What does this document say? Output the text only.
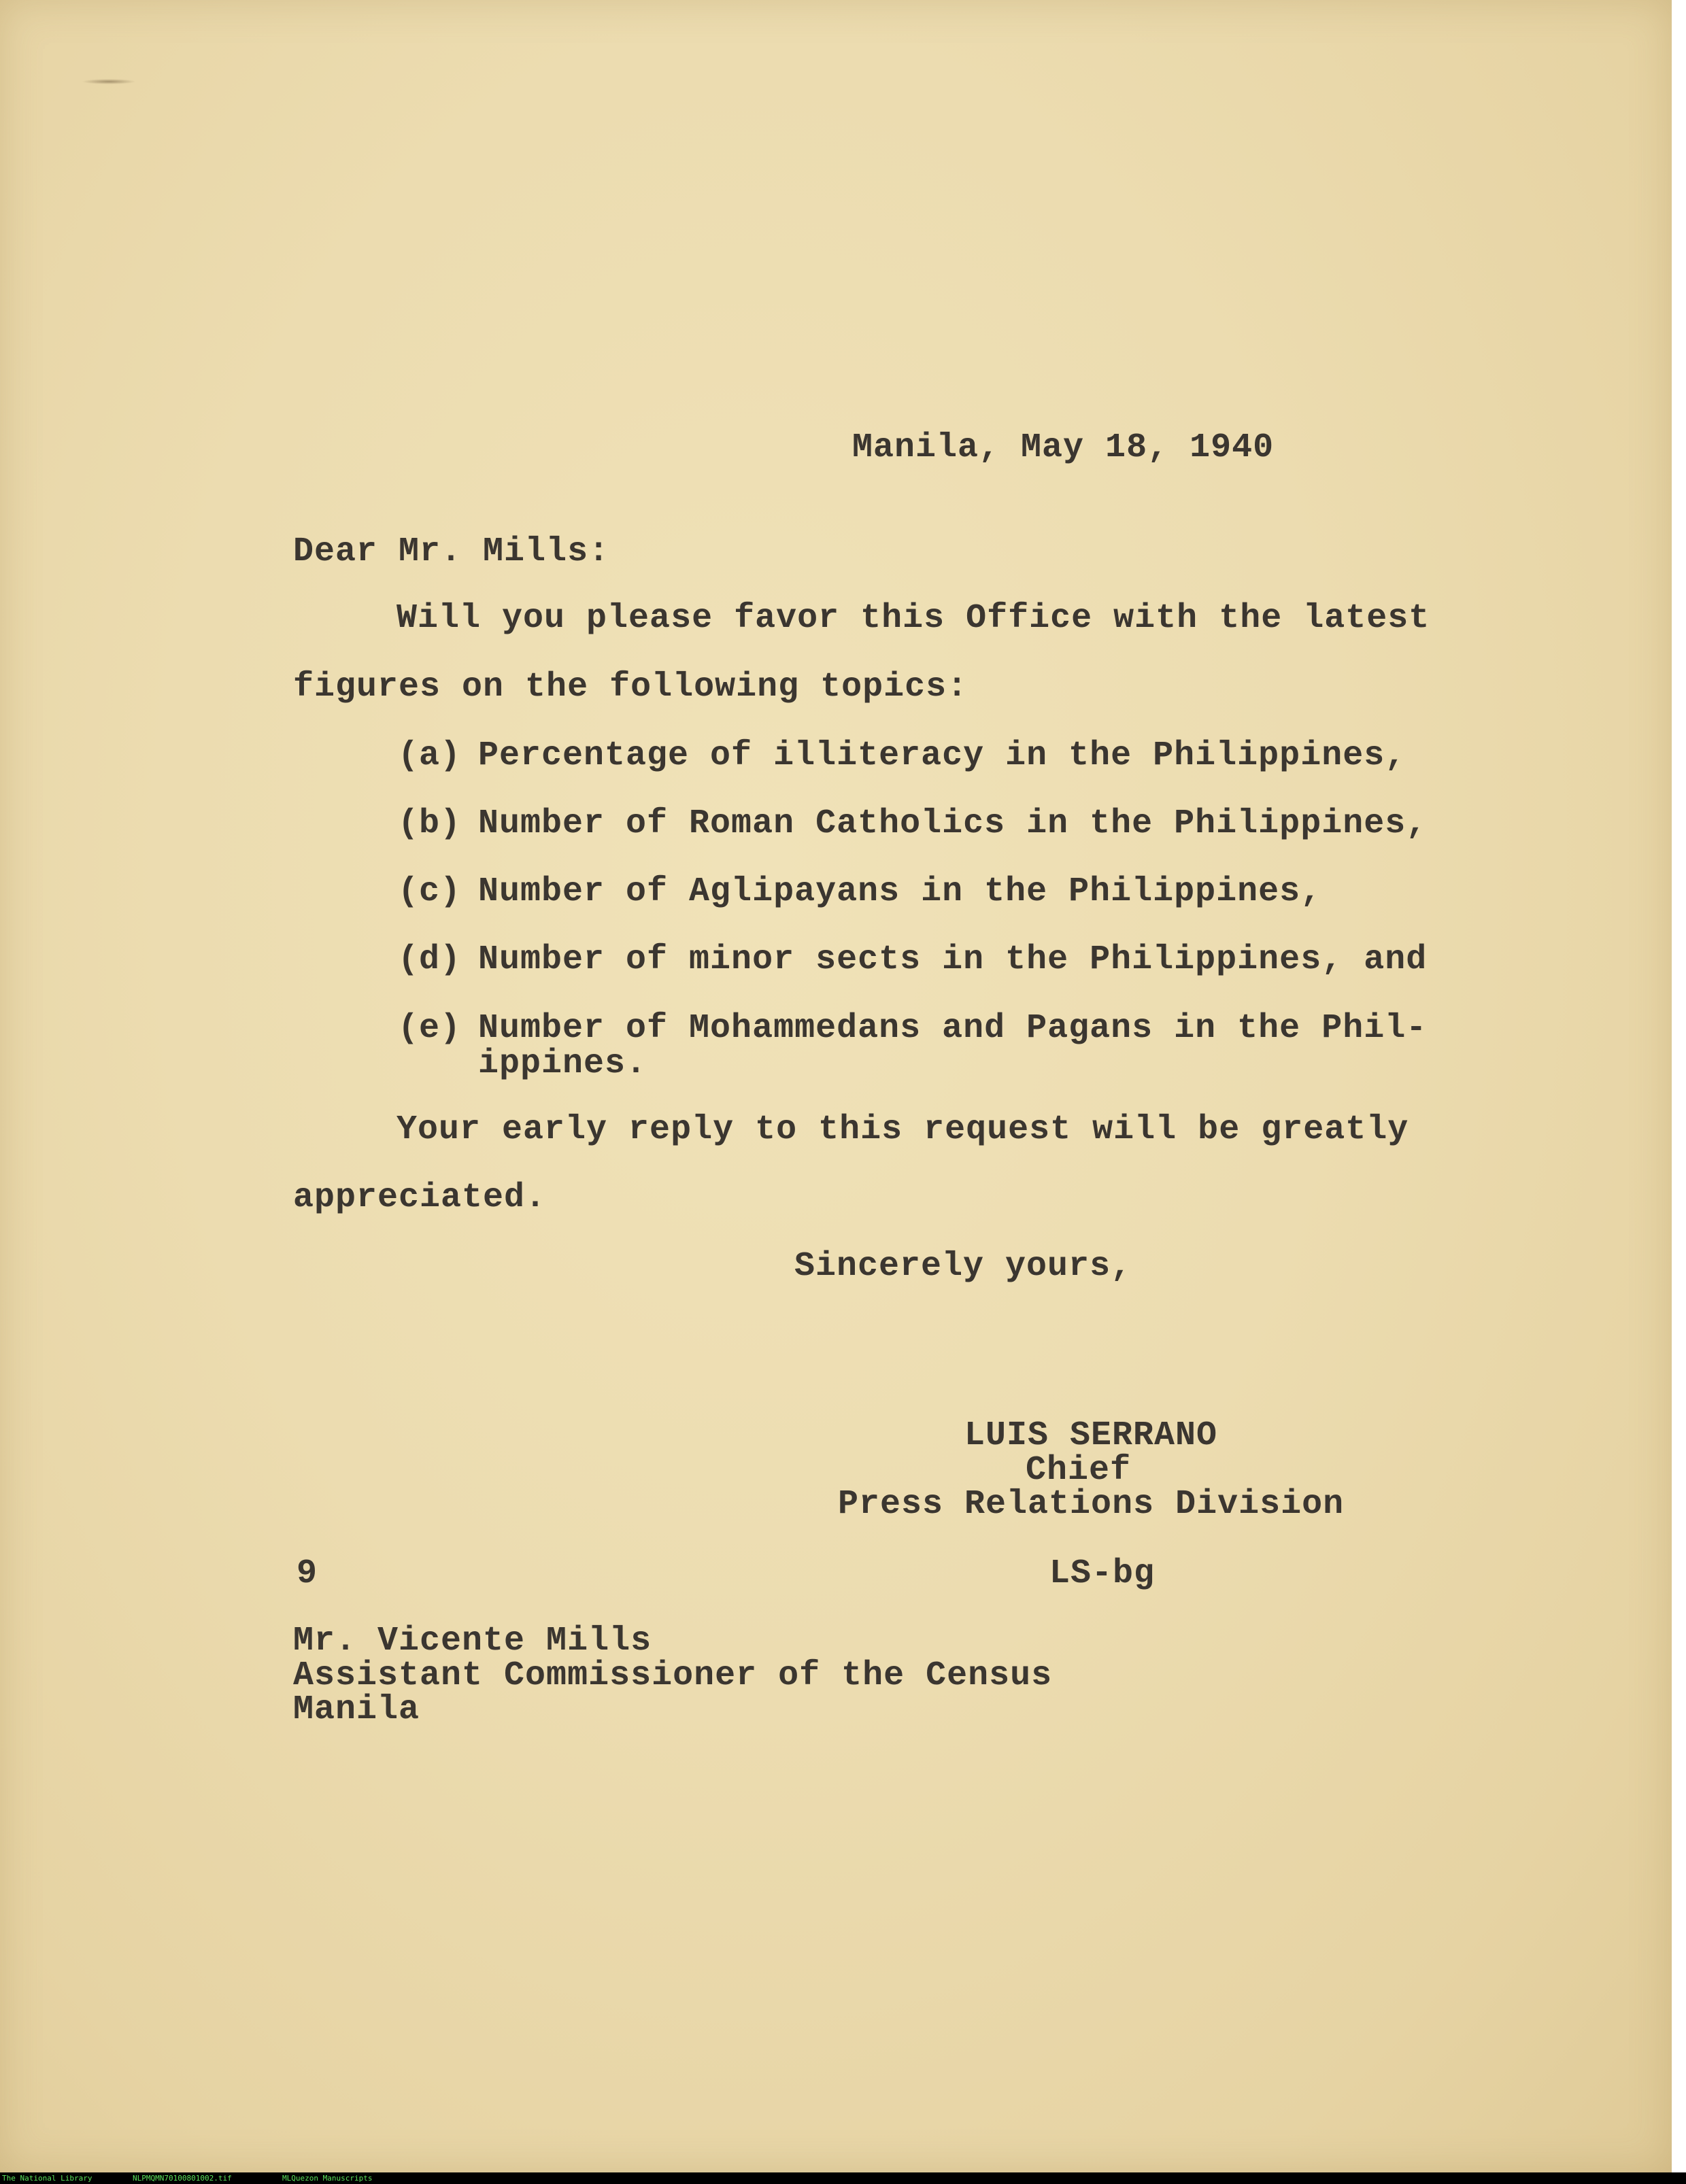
Manila, May 18, 1940
Dear Mr. Mills:
Will you please favor this Office with the latest
figures on the following topics:
(a) Percentage of illiteracy in the Philippines,
(b) Number of Roman Catholics in the Philippines,
(c) Number of Aglipayans in the Philippines,
(d) Number of minor sects in the Philippines, and
(e) Number of Mohammedans and Pagans in the Phil-
ippines.
Your early reply to this request will be greatly
appreciated.
Sincerely yours,
LUIS SERRANO
Chief
Press Relations Division
9	LS-bg
Mr. Vicente Mills
Assistant Commissioner of the Census
Manila
The National Library	NLPMQMN70100801002.tif	MLQuezon Manuscripts
